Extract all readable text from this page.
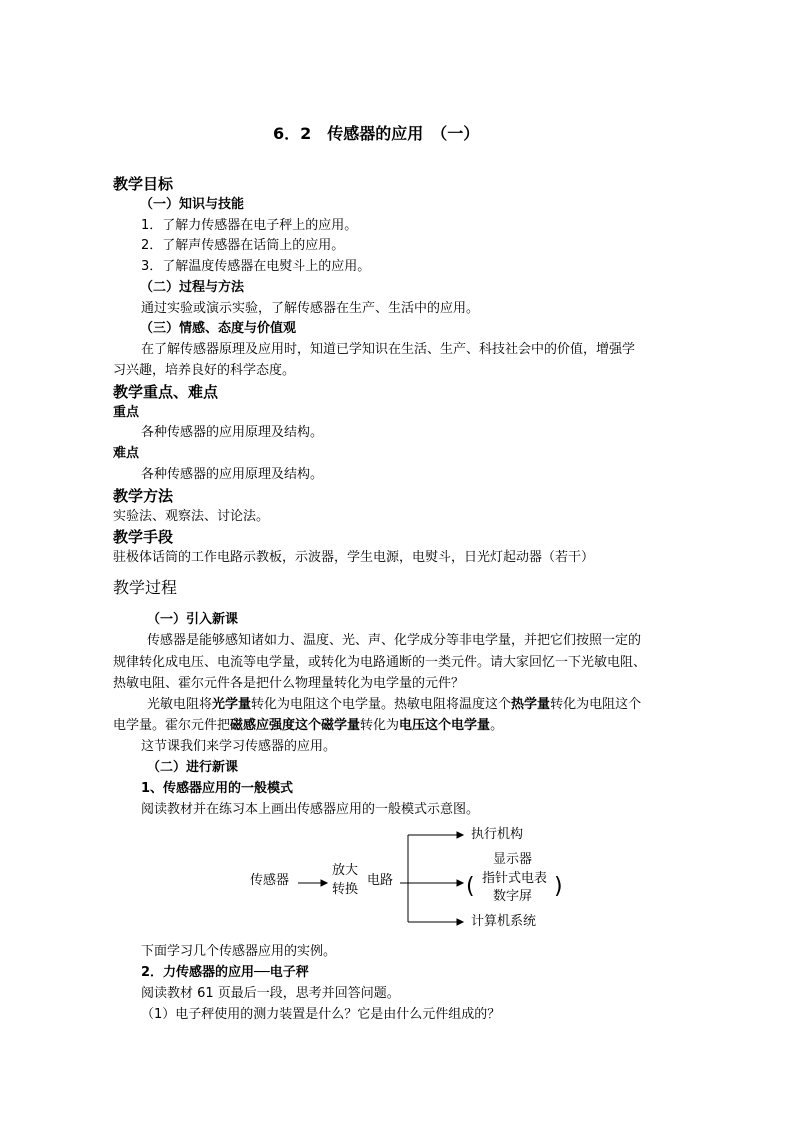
6．2　传感器的应用　（一）
教学目标
（一）知识与技能
1．了解力传感器在电子秤上的应用。
2．了解声传感器在话筒上的应用。
3．了解温度传感器在电熨斗上的应用。
（二）过程与方法
通过实验或演示实验，了解传感器在生产、生活中的应用。
（三）情感、态度与价值观
在了解传感器原理及应用时，知道已学知识在生活、生产、科技社会中的价值，增强学
习兴趣，培养良好的科学态度。
教学重点、难点
重点
各种传感器的应用原理及结构。
难点
各种传感器的应用原理及结构。
教学方法
实验法、观察法、讨论法。
教学手段
驻极体话筒的工作电路示教板，示波器，学生电源，电熨斗，日光灯起动器（若干）
教学过程
（一）引入新课
传感器是能够感知诸如力、温度、光、声、化学成分等非电学量，并把它们按照一定的
规律转化成电压、电流等电学量，或转化为电路通断的一类元件。请大家回忆一下光敏电阻、
热敏电阻、霍尔元件各是把什么物理量转化为电学量的元件？
光敏电阻将光学量转化为电阻这个电学量。热敏电阻将温度这个热学量转化为电阻这个
电学量。霍尔元件把磁感应强度这个磁学量转化为电压这个电学量。
这节课我们来学习传感器的应用。
（二）进行新课
1、传感器应用的一般模式
阅读教材并在练习本上画出传感器应用的一般模式示意图。
传感器
放大
转换
电路
执行机构
显示器
指针式电表
数字屏
(	)
计算机系统
下面学习几个传感器应用的实例。
2．力传感器的应用──电子秤
阅读教材 61 页最后一段，思考并回答问题。
（1）电子秤使用的测力装置是什么？它是由什么元件组成的？
